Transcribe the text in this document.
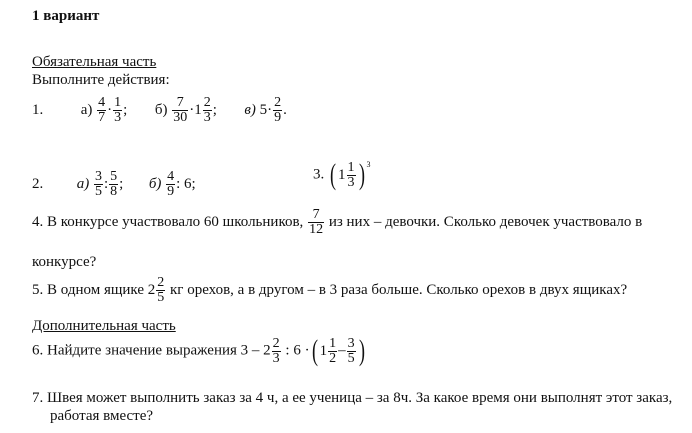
1 вариант
Обязательная часть
Выполните действия:
1.	$а) \frac{4}{7} \cdot \frac{1}{3}$ ; $б) \frac{7}{30} \cdot 1 \frac{2}{3}$ ; в) $5\cdot \frac{2}{9}$ .
2. $а) \frac{3}{5}$ : $\frac{5}{8}$ ; $б) \frac{4}{9}$ : 6;
3. ( $1 \frac{1}{3}$ ) $^3$
4. В конкурсе участвовало 60 школьников, $\frac{7}{12}$ из них – девочки. Сколько девочек участвовало в
конкурсе?
5. В одном ящике $2 \frac{2}{5}$ кг орехов, а в другом – в 3 раза больше. Сколько орехов в двух ящиках?
Дополнительная часть
6. Найдите значение выражения $3 - 2 \frac{2}{3}$ : 6 ·( $1 \frac{1}{2} - \frac{3}{5}$ )
7. Швея может выполнить заказ за 4 ч, а ее ученица – за 8ч. За какое время они выполнят этот заказ,
работая вместе?
